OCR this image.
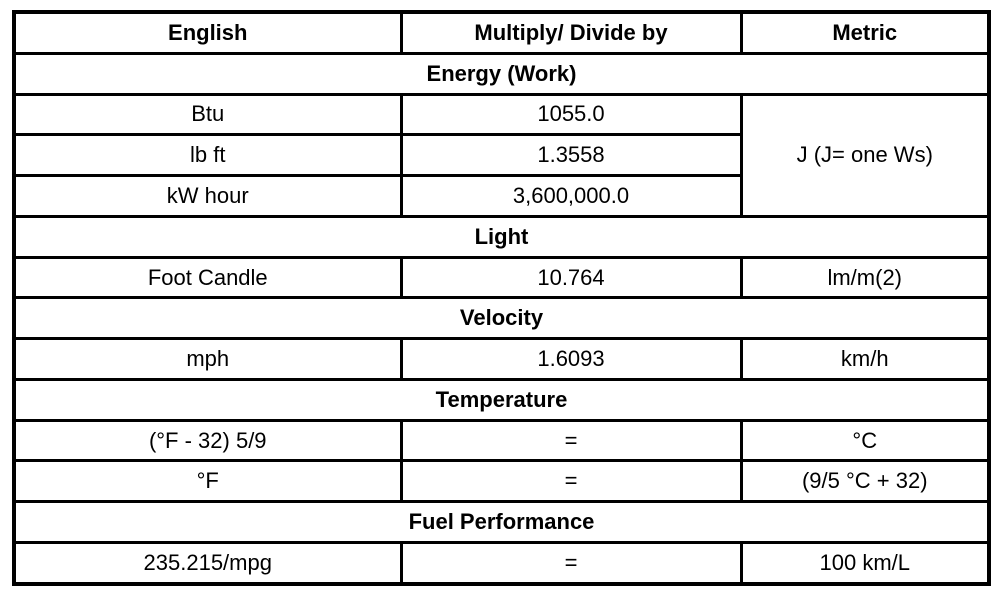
English	Multiply/ Divide by	Metric
Energy (Work)		
Btu	1055.0	J (J= one Ws)
lb ft	1.3558	
kW hour	3,600,000.0	
Light		
Foot Candle	10.764	lm/m(2)
Velocity		
mph	1.6093	km/h
Temperature		
(°F - 32) 5/9	=	°C
°F	=	(9/5 °C + 32)
Fuel Performance		
235.215/mpg	=	100 km/L
